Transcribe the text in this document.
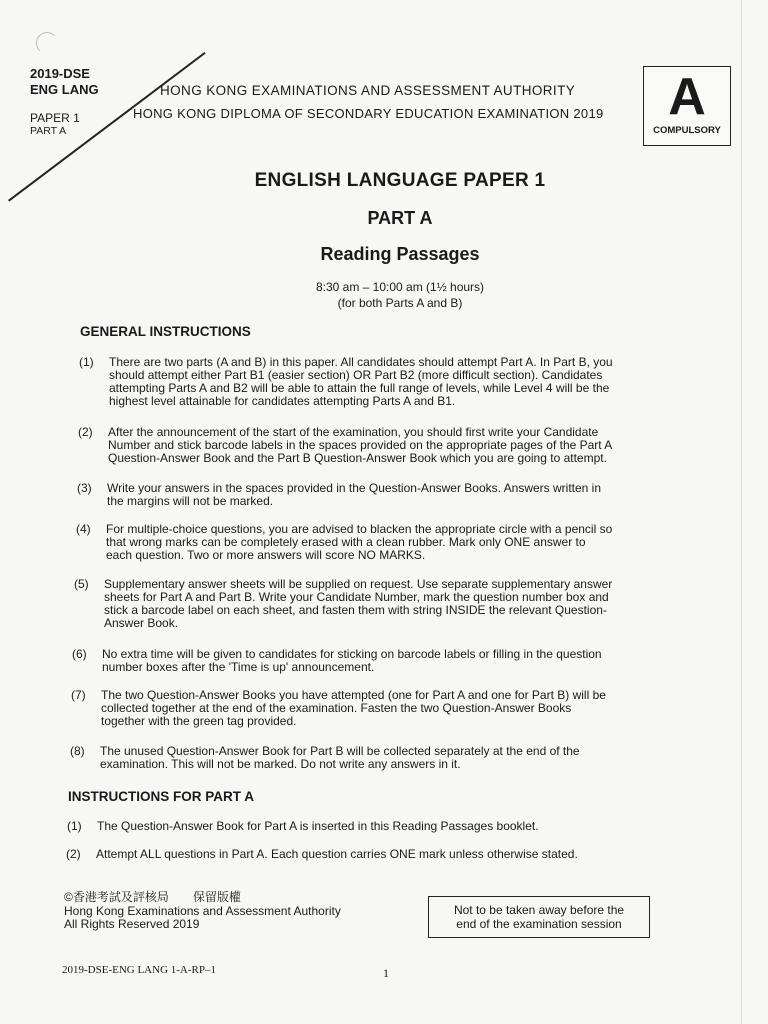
2019-DSE
ENG LANG
PAPER 1
PART A
HONG KONG EXAMINATIONS AND ASSESSMENT AUTHORITY
HONG KONG DIPLOMA OF SECONDARY EDUCATION EXAMINATION 2019	A
COMPULSORY
ENGLISH LANGUAGE PAPER 1
PART A
Reading Passages
8:30 am – 10:00 am (1½ hours)
(for both Parts A and B)
GENERAL INSTRUCTIONS
(1) There are two parts (A and B) in this paper. All candidates should attempt Part A. In Part B, you
should attempt either Part B1 (easier section) OR Part B2 (more difficult section). Candidates
attempting Parts A and B2 will be able to attain the full range of levels, while Level 4 will be the
highest level attainable for candidates attempting Parts A and B1.
(2) After the announcement of the start of the examination, you should first write your Candidate
Number and stick barcode labels in the spaces provided on the appropriate pages of the Part A
Question-Answer Book and the Part B Question-Answer Book which you are going to attempt.
(3) Write your answers in the spaces provided in the Question-Answer Books. Answers written in
the margins will not be marked.
(4) For multiple-choice questions, you are advised to blacken the appropriate circle with a pencil so
that wrong marks can be completely erased with a clean rubber. Mark only ONE answer to
each question. Two or more answers will score NO MARKS.
(5) Supplementary answer sheets will be supplied on request. Use separate supplementary answer
sheets for Part A and Part B. Write your Candidate Number, mark the question number box and
stick a barcode label on each sheet, and fasten them with string INSIDE the relevant Question-
Answer Book.
(6) No extra time will be given to candidates for sticking on barcode labels or filling in the question
number boxes after the 'Time is up' announcement.
(7) The two Question-Answer Books you have attempted (one for Part A and one for Part B) will be
collected together at the end of the examination. Fasten the two Question-Answer Books
together with the green tag provided.
(8) The unused Question-Answer Book for Part B will be collected separately at the end of the
examination. This will not be marked. Do not write any answers in it.
INSTRUCTIONS FOR PART A
(1) The Question-Answer Book for Part A is inserted in this Reading Passages booklet.
(2) Attempt ALL questions in Part A. Each question carries ONE mark unless otherwise stated.
©香港考試及評核局　　保留版權
Hong Kong Examinations and Assessment Authority
All Rights Reserved 2019
Not to be taken away before the
end of the examination session
2019-DSE-ENG LANG 1-A-RP–1	1
